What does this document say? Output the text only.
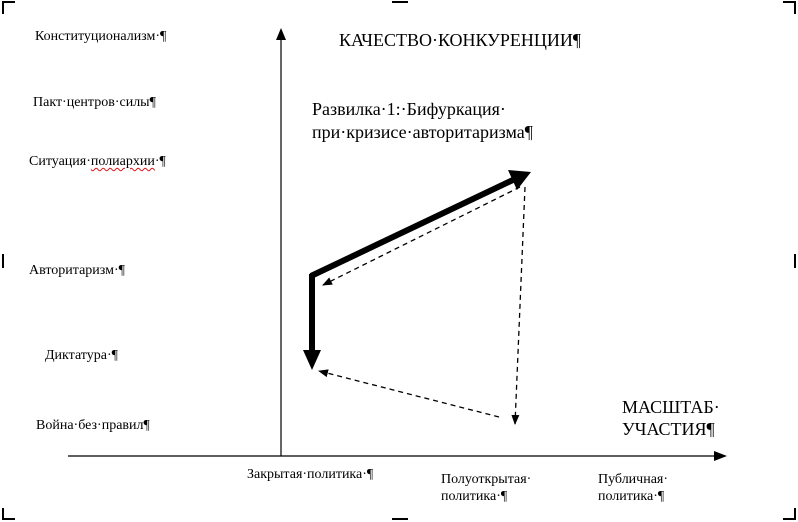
Конституционализм·¶
Пакт·центров·силы¶
Ситуация·полиархии·¶
Авторитаризм·¶
Диктатура·¶
Война·без·правил¶
КАЧЕСТВО·КОНКУРЕНЦИИ¶
МАСШТАБ·
УЧАСТИЯ¶
Развилка·1:·Бифуркация·
при·кризисе·авторитаризма¶
Закрытая·политика·¶	Полуоткрытая·
политика·¶
Публичная·
политика·¶
